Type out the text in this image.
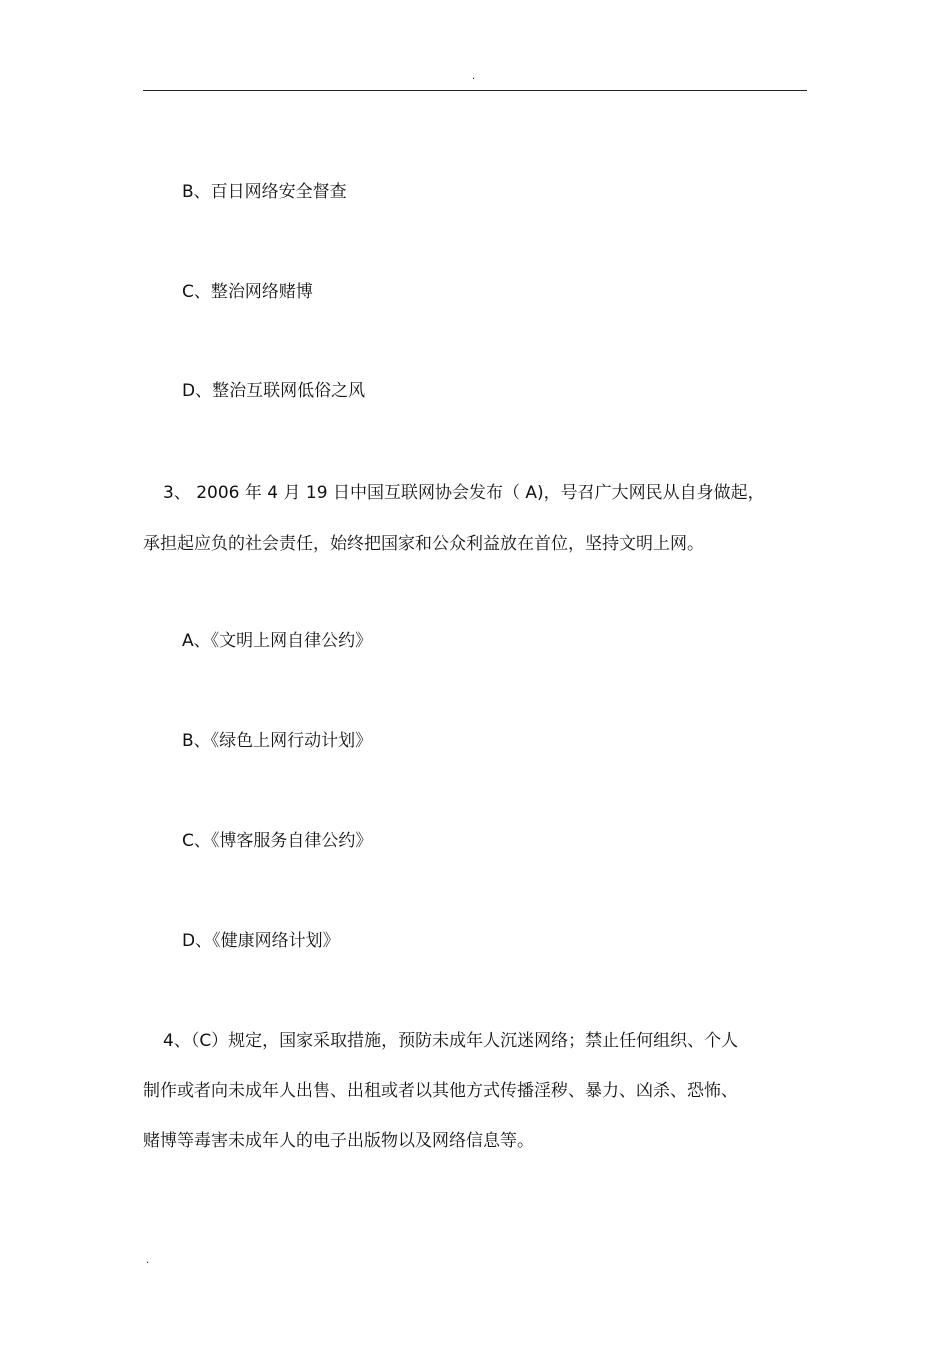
.
B、百日网络安全督查
C、整治网络赌博
D、整治互联网低俗之风
3、 2006 年 4 月 19 日中国互联网协会发布（ A)，号召广大网民从自身做起，
承担起应负的社会责任，始终把国家和公众利益放在首位，坚持文明上网。
A、《文明上网自律公约》
B、《绿色上网行动计划》
C、《博客服务自律公约》
D、《健康网络计划》
4、（C）规定，国家采取措施，预防未成年人沉迷网络；禁止任何组织、个人
制作或者向未成年人出售、出租或者以其他方式传播淫秽、暴力、凶杀、恐怖、
赌博等毒害未成年人的电子出版物以及网络信息等。
.
